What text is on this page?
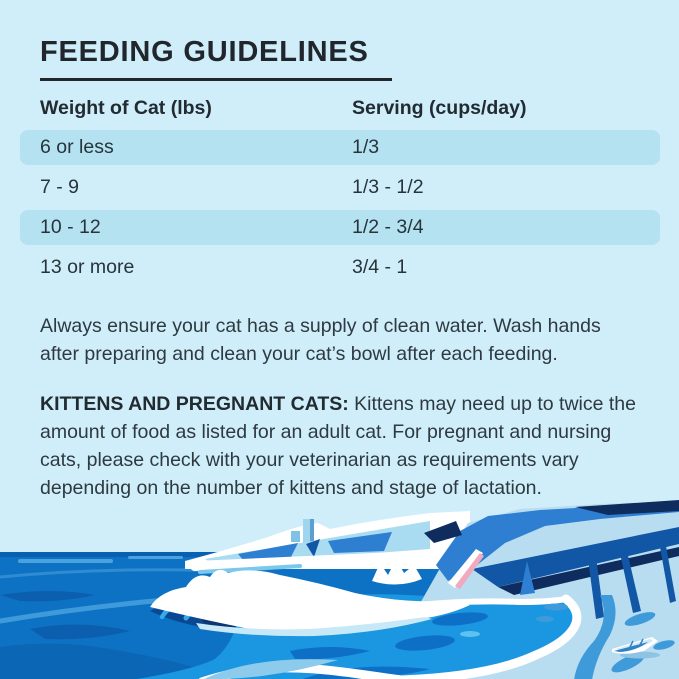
FEEDING GUIDELINES
Weight of Cat (lbs)	Serving (cups/day)
6 or less	1/3
7 - 9	1/3 - 1/2
10 - 12	1/2 - 3/4
13 or more	3/4 - 1
Always ensure your cat has a supply of clean water. Wash hands
after preparing and clean your cat’s bowl after each feeding.
KITTENS AND PREGNANT CATS: Kittens may need up to twice the
amount of food as listed for an adult cat. For pregnant and nursing
cats, please check with your veterinarian as requirements vary
depending on the number of kittens and stage of lactation.
